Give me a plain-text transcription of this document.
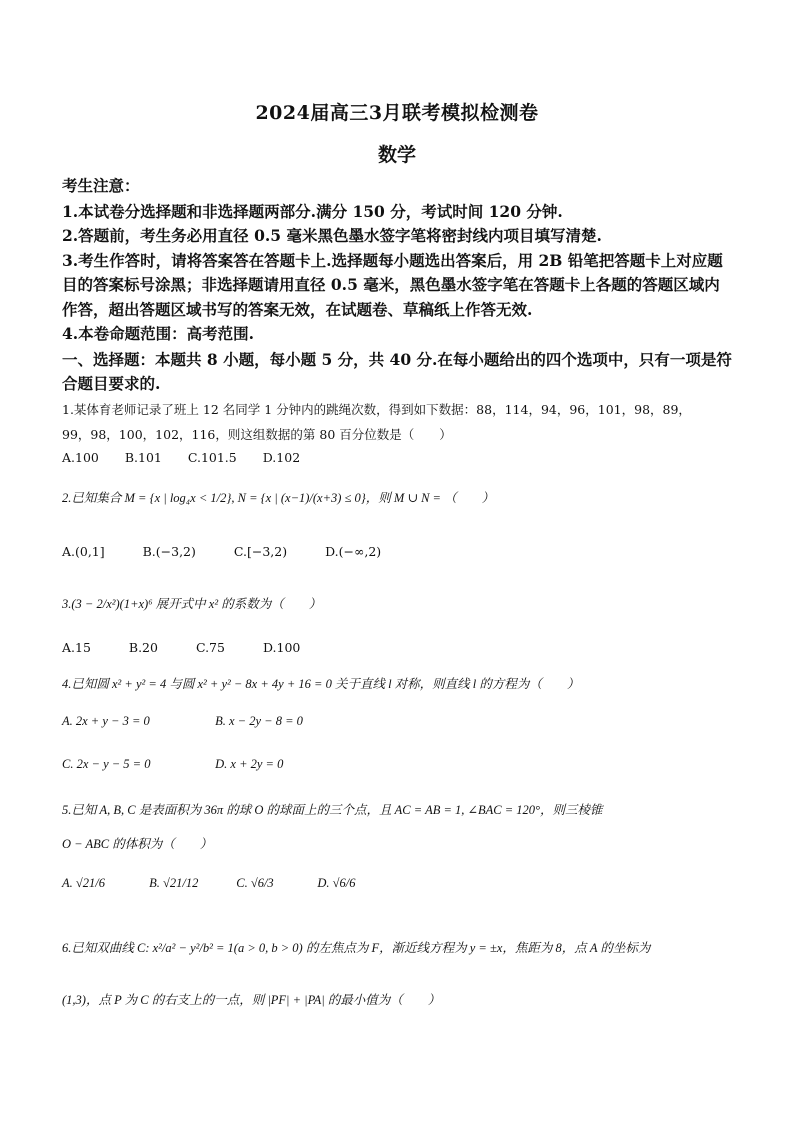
2024届高三3月联考模拟检测卷
数学
考生注意：
1.本试卷分选择题和非选择题两部分.满分 150 分，考试时间 120 分钟.
2.答题前，考生务必用直径 0.5 毫米黑色墨水签字笔将密封线内项目填写清楚.
3.考生作答时，请将答案答在答题卡上.选择题每小题选出答案后，用 2B 铅笔把答题卡上对应题
目的答案标号涂黑；非选择题请用直径 0.5 毫米，黑色墨水签字笔在答题卡上各题的答题区域内
作答，超出答题区域书写的答案无效，在试题卷、草稿纸上作答无效.
4.本卷命题范围：高考范围.
一、选择题：本题共 8 小题，每小题 5 分，共 40 分.在每小题给出的四个选项中，只有一项是符
合题目要求的.
1.某体育老师记录了班上 12 名同学 1 分钟内的跳绳次数，得到如下数据：88，114，94，96，101，98，89，
99，98，100，102，116，则这组数据的第 80 百分位数是（　　）
A.100 B.101 C.101.5 D.102
2.已知集合 M = {x | log₄x < 1/2}, N = {x | (x−1)/(x+3) ≤ 0}，则 M ∪ N = （　　）
A.(0,1]	B.(−3,2)	C.[−3,2)	D.(−∞,2)
3.(3 − 2/x²)(1+x)⁶ 展开式中 x² 的系数为（　　）
A.15	B.20	C.75	D.100
4.已知圆 x² + y² = 4 与圆 x² + y² − 8x + 4y + 16 = 0 关于直线 l 对称，则直线 l 的方程为（　　）
A. 2x + y − 3 = 0	B. x − 2y − 8 = 0
C. 2x − y − 5 = 0	D. x + 2y = 0
5.已知 A, B, C 是表面积为 36π 的球 O 的球面上的三个点，且 AC = AB = 1, ∠BAC = 120°，则三棱锥
O − ABC 的体积为（　　）
A. √21/6	B. √21/12	C. √6/3	D. √6/6
6.已知双曲线 C: x²/a² − y²/b² = 1(a > 0, b > 0) 的左焦点为 F，渐近线方程为 y = ±x，焦距为 8，点 A 的坐标为
(1,3)，点 P 为 C 的右支上的一点，则 |PF| + |PA| 的最小值为（　　）
